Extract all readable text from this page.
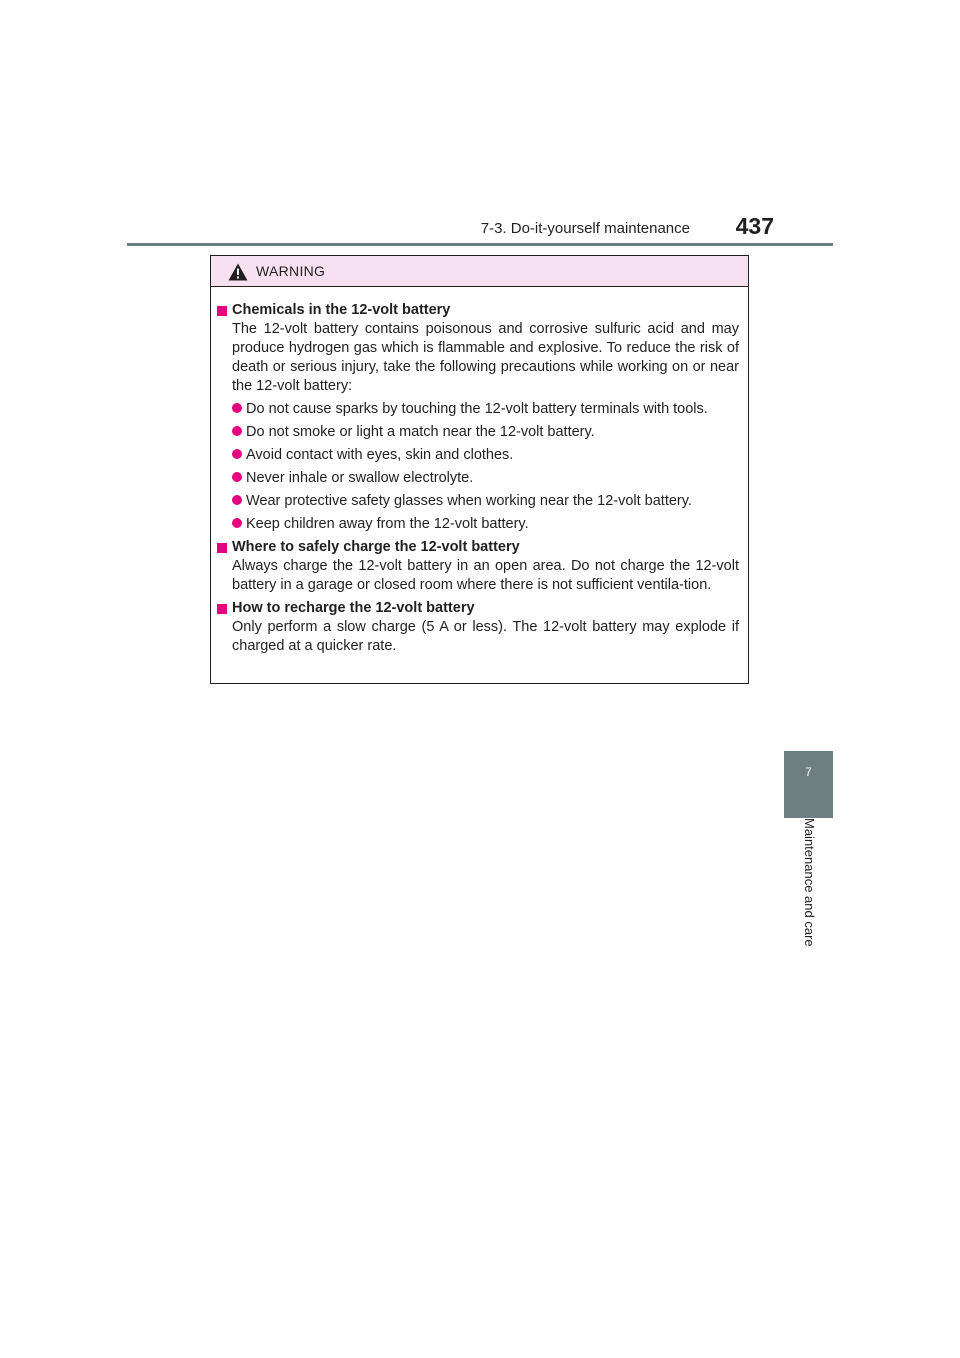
7-3. Do-it-yourself maintenance	437
7
Maintenance and care
WARNING
Chemicals in the 12-volt battery
The 12-volt battery contains poisonous and corrosive sulfuric acid and may produce hydrogen gas which is flammable and explosive. To reduce the risk of death or serious injury, take the following precautions while working on or near the 12-volt battery:
Do not cause sparks by touching the 12-volt battery terminals with tools.
Do not smoke or light a match near the 12-volt battery.
Avoid contact with eyes, skin and clothes.
Never inhale or swallow electrolyte.
Wear protective safety glasses when working near the 12-volt battery.
Keep children away from the 12-volt battery.
Where to safely charge the 12-volt battery
Always charge the 12-volt battery in an open area. Do not charge the 12-volt battery in a garage or closed room where there is not sufficient ventila-tion.
How to recharge the 12-volt battery
Only perform a slow charge (5 A or less). The 12-volt battery may explode if charged at a quicker rate.
